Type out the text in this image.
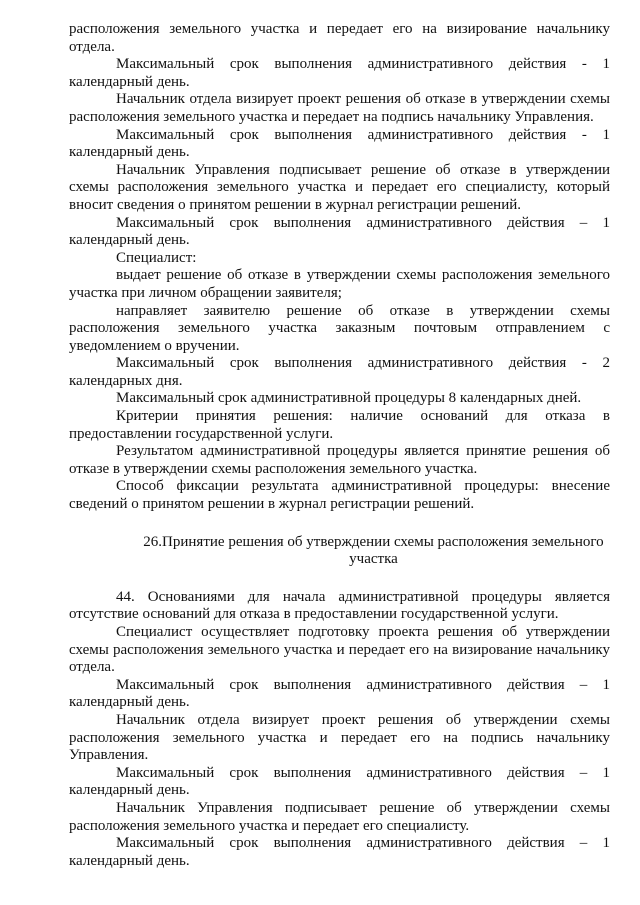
расположения земельного участка и передает его на визирование начальнику отдела.

Максимальный срок выполнения административного действия - 1 календарный день.

Начальник отдела визирует проект решения об отказе в утверждении схемы расположения земельного участка и передает на подпись начальнику Управления.

Максимальный срок выполнения административного действия - 1 календарный день.

Начальник Управления подписывает решение об отказе в утверждении схемы расположения земельного участка и передает его специалисту, который вносит сведения о принятом решении в журнал регистрации решений.

Максимальный срок выполнения административного действия – 1 календарный день.

Специалист:

выдает решение об отказе в утверждении схемы расположения земельного участка при личном обращении заявителя;

направляет заявителю решение об отказе в утверждении схемы расположения земельного участка заказным почтовым отправлением с уведомлением о вручении.

Максимальный срок выполнения административного действия - 2 календарных дня.

Максимальный срок административной процедуры 8 календарных дней.

Критерии принятия решения: наличие оснований для отказа в предоставлении государственной услуги.

Результатом административной процедуры является принятие решения об отказе в утверждении схемы расположения земельного участка.

Способ фиксации результата административной процедуры: внесение сведений о принятом решении в журнал регистрации решений.

26.Принятие решения об утверждении схемы расположения земельного участка

44. Основаниями для начала административной процедуры является отсутствие оснований для отказа в предоставлении государственной услуги.

Специалист осуществляет подготовку проекта решения об утверждении схемы расположения земельного участка и передает его на визирование начальнику отдела.

Максимальный срок выполнения административного действия – 1 календарный день.

Начальник отдела визирует проект решения об утверждении схемы расположения земельного участка и передает его на подпись начальнику Управления.

Максимальный срок выполнения административного действия – 1 календарный день.

Начальник Управления подписывает решение об утверждении схемы расположения земельного участка и передает его специалисту.

Максимальный срок выполнения административного действия – 1 календарный день.
